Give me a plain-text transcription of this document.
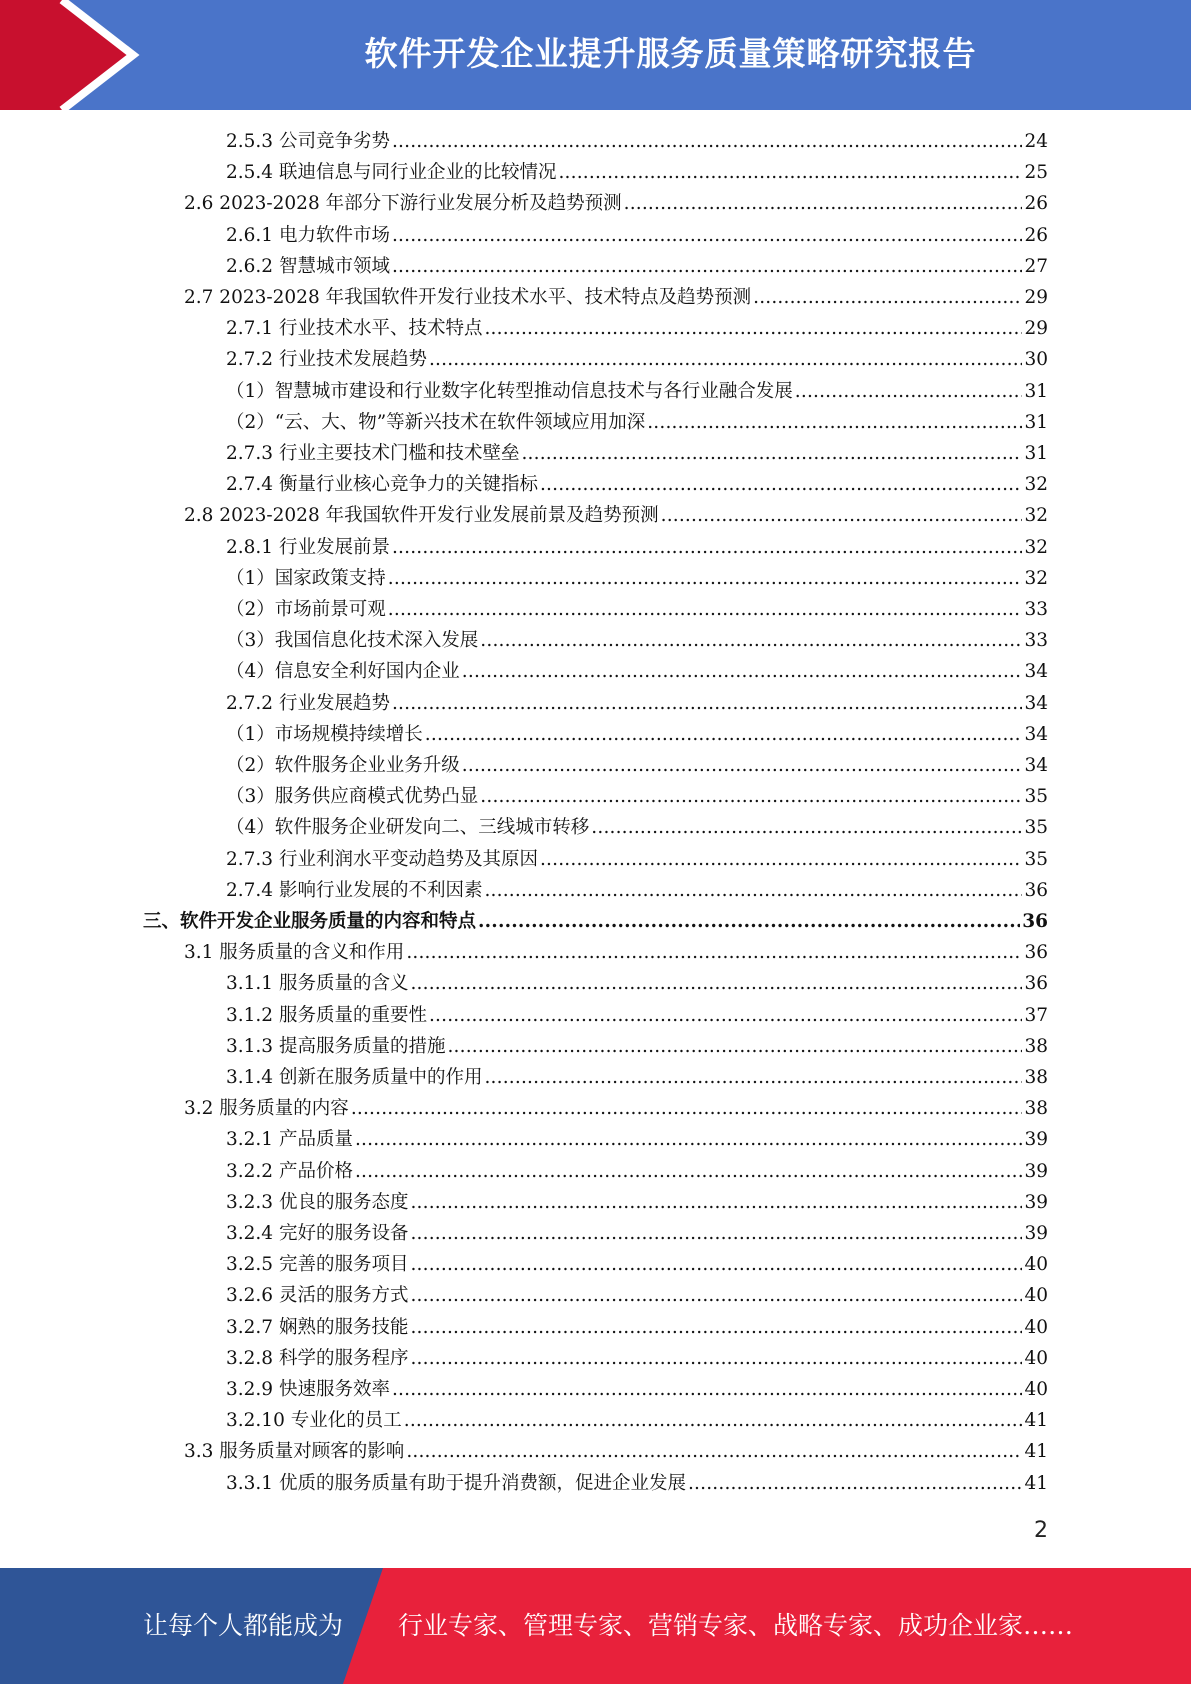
软件开发企业提升服务质量策略研究报告
2.5.3 公司竞争劣势 .....	24
2.5.4 联迪信息与同行业企业的比较情况 .....	25
2.6 2023-2028 年部分下游行业发展分析及趋势预测 .....	26
2.6.1 电力软件市场 .....	26
2.6.2 智慧城市领域 .....	27
2.7 2023-2028 年我国软件开发行业技术水平、技术特点及趋势预测 .....	29
2.7.1 行业技术水平、技术特点 .....	29
2.7.2 行业技术发展趋势 .....	30
（1）智慧城市建设和行业数字化转型推动信息技术与各行业融合发展 .....	31
（2）“云、大、物”等新兴技术在软件领域应用加深 .....	31
2.7.3 行业主要技术门槛和技术壁垒 .....	31
2.7.4 衡量行业核心竞争力的关键指标 .....	32
2.8 2023-2028 年我国软件开发行业发展前景及趋势预测 .....	32
2.8.1 行业发展前景 .....	32
（1）国家政策支持 .....	32
（2）市场前景可观 .....	33
（3）我国信息化技术深入发展 .....	33
（4）信息安全利好国内企业 .....	34
2.7.2 行业发展趋势 .....	34
（1）市场规模持续增长 .....	34
（2）软件服务企业业务升级 .....	34
（3）服务供应商模式优势凸显 .....	35
（4）软件服务企业研发向二、三线城市转移 .....	35
2.7.3 行业利润水平变动趋势及其原因 .....	35
2.7.4 影响行业发展的不利因素 .....	36
三、软件开发企业服务质量的内容和特点 .....	36
3.1 服务质量的含义和作用 .....	36
3.1.1 服务质量的含义 .....	36
3.1.2 服务质量的重要性 .....	37
3.1.3 提高服务质量的措施 .....	38
3.1.4 创新在服务质量中的作用 .....	38
3.2 服务质量的内容 .....	38
3.2.1 产品质量 .....	39
3.2.2 产品价格 .....	39
3.2.3 优良的服务态度 .....	39
3.2.4 完好的服务设备 .....	39
3.2.5 完善的服务项目 .....	40
3.2.6 灵活的服务方式 .....	40
3.2.7 娴熟的服务技能 .....	40
3.2.8 科学的服务程序 .....	40
3.2.9 快速服务效率 .....	40
3.2.10 专业化的员工 .....	41
3.3 服务质量对顾客的影响 .....	41
3.3.1 优质的服务质量有助于提升消费额，促进企业发展 .....	41
2
让每个人都能成为 行业专家、管理专家、营销专家、战略专家、成功企业家……
